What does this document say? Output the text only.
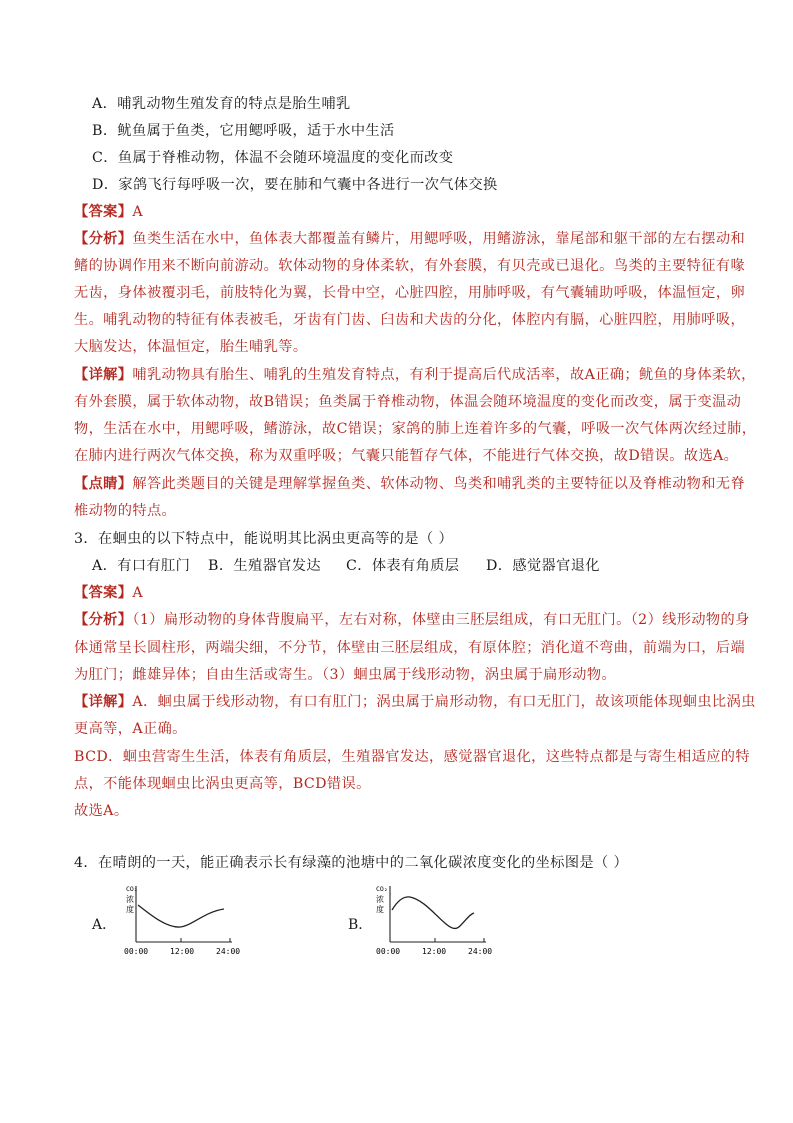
A．哺乳动物生殖发育的特点是胎生哺乳
B．鱿鱼属于鱼类，它用鳃呼吸，适于水中生活
C．鱼属于脊椎动物，体温不会随环境温度的变化而改变
D．家鸽飞行每呼吸一次，要在肺和气囊中各进行一次气体交换
【答案】A
【分析】鱼类生活在水中，鱼体表大都覆盖有鳞片，用鳃呼吸，用鳍游泳，靠尾部和躯干部的左右摆动和
鳍的协调作用来不断向前游动。软体动物的身体柔软，有外套膜，有贝壳或已退化。鸟类的主要特征有喙
无齿，身体被覆羽毛，前肢特化为翼，长骨中空，心脏四腔，用肺呼吸，有气囊辅助呼吸，体温恒定，卵
生。哺乳动物的特征有体表被毛，牙齿有门齿、臼齿和犬齿的分化，体腔内有膈，心脏四腔，用肺呼吸，
大脑发达，体温恒定，胎生哺乳等。
【详解】哺乳动物具有胎生、哺乳的生殖发育特点，有利于提高后代成活率，故A正确；鱿鱼的身体柔软，
有外套膜，属于软体动物，故B错误；鱼类属于脊椎动物，体温会随环境温度的变化而改变，属于变温动
物，生活在水中，用鳃呼吸，鳍游泳，故C错误；家鸽的肺上连着许多的气囊，呼吸一次气体两次经过肺，
在肺内进行两次气体交换，称为双重呼吸；气囊只能暂存气体，不能进行气体交换，故D错误。故选A。
【点睛】解答此类题目的关键是理解掌握鱼类、软体动物、鸟类和哺乳类的主要特征以及脊椎动物和无脊
椎动物的特点。
3．在蛔虫的以下特点中，能说明其比涡虫更高等的是（ ）
A．有口有肛门 B．生殖器官发达 C．体表有角质层 D．感觉器官退化
【答案】A
【分析】（1）扁形动物的身体背腹扁平，左右对称，体壁由三胚层组成，有口无肛门。（2）线形动物的身
体通常呈长圆柱形，两端尖细，不分节，体壁由三胚层组成，有原体腔；消化道不弯曲，前端为口，后端
为肛门；雌雄异体；自由生活或寄生。（3）蛔虫属于线形动物，涡虫属于扁形动物。
【详解】A．蛔虫属于线形动物，有口有肛门；涡虫属于扁形动物，有口无肛门，故该项能体现蛔虫比涡虫
更高等，A正确。
BCD．蛔虫营寄生生活，体表有角质层，生殖器官发达，感觉器官退化，这些特点都是与寄生相适应的特
点，不能体现蛔虫比涡虫更高等，BCD错误。
故选A。
4．在晴朗的一天，能正确表示长有绿藻的池塘中的二氧化碳浓度变化的坐标图是（ ）
A．
CO₂
浓
度
00:00	12:00	24:00
B．
CO₂
浓
度
00:00	12:00	24:00
